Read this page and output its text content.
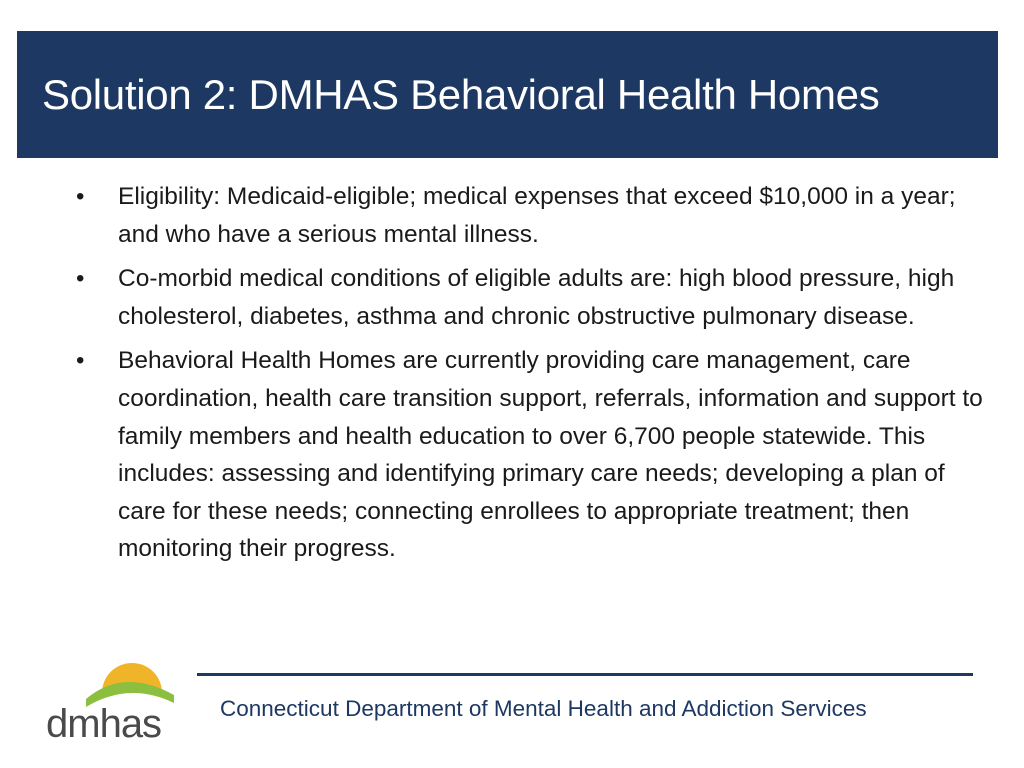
Solution 2: DMHAS Behavioral Health Homes
•	Eligibility: Medicaid-eligible; medical expenses that exceed $10,000 in a year; and who have a serious mental illness.
•	Co-morbid medical conditions of eligible adults are: high blood pressure, high cholesterol, diabetes, asthma and chronic obstructive pulmonary disease.
•	Behavioral Health Homes are currently providing care management, care coordination, health care transition support, referrals, information and support to family members and health education to over 6,700 people statewide. This includes: assessing and identifying primary care needs; developing a plan of care for these needs; connecting enrollees to appropriate treatment; then monitoring their progress.
dmhas	Connecticut Department of Mental Health and Addiction Services
